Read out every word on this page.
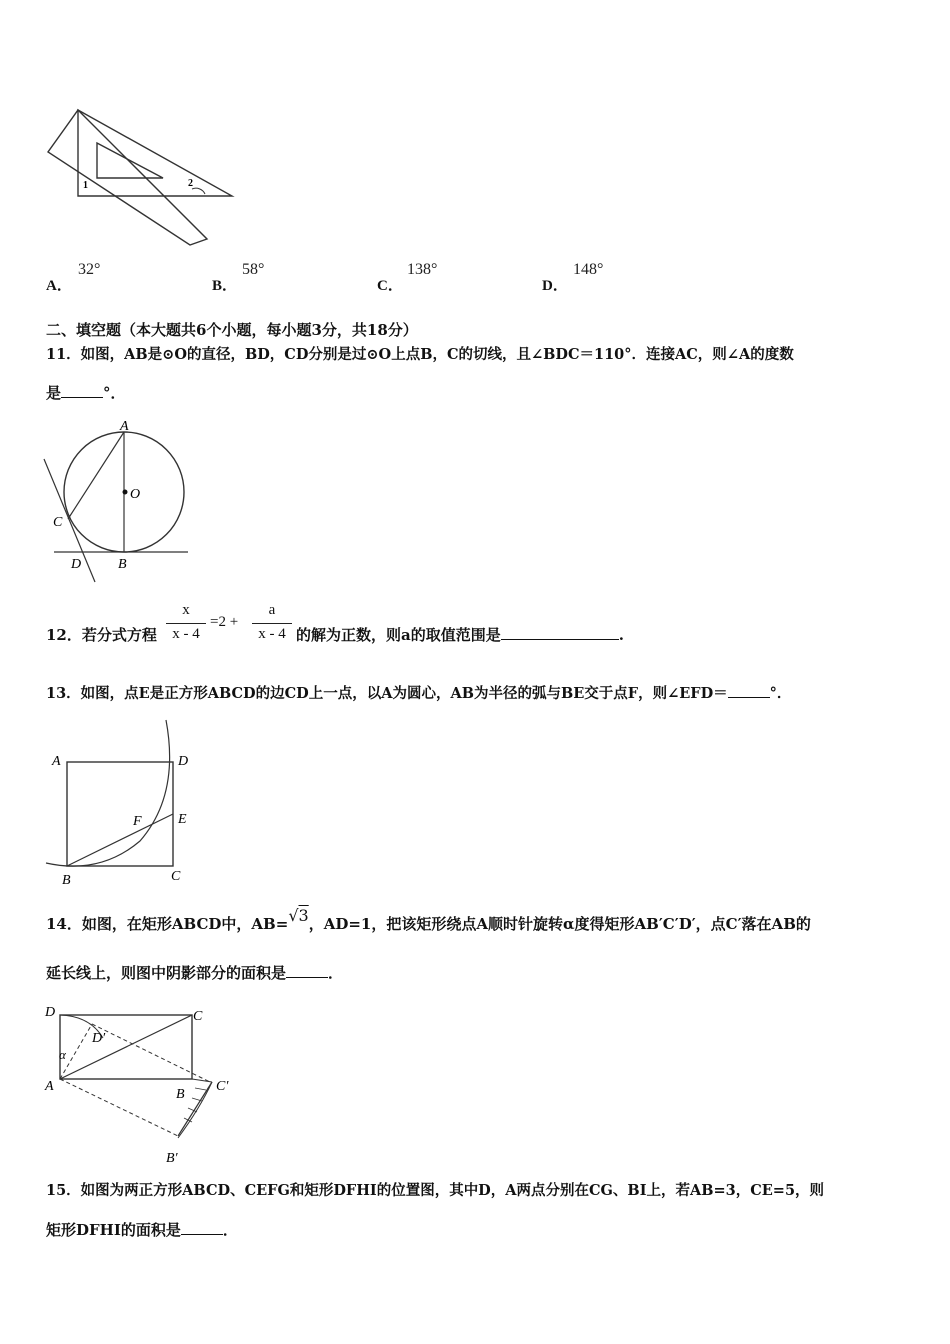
1	2
A．
32°
B．
58°
C．
138°
D．
148°
二、填空题（本大题共6个小题，每小题3分，共18分）
11．如图，AB是⊙O的直径，BD，CD分别是过⊙O上点B，C的切线，且∠BDC＝110°．连接AC，则∠A的度数
是	°．
A
O
C
D	B
12．若分式方程
x
x - 4
=2 +
a
x - 4 的解为正数，则a的取值范围是	.
13．如图，点E是正方形ABCD的边CD上一点，以A为圆心，AB为半径的弧与BE交于点F，则∠EFD＝	°．
A	D
F	E
B	C
14．如图，在矩形ABCD中，AB=√3，AD=1，把该矩形绕点A顺时针旋转α度得矩形AB′C′D′，点C′落在AB的
延长线上，则图中阴影部分的面积是	．
D	C
D′
α
A
B
C′
B′
15．如图为两正方形ABCD、CEFG和矩形DFHI的位置图，其中D，A两点分别在CG、BI上，若AB=3，CE=5，则
矩形DFHI的面积是	．
